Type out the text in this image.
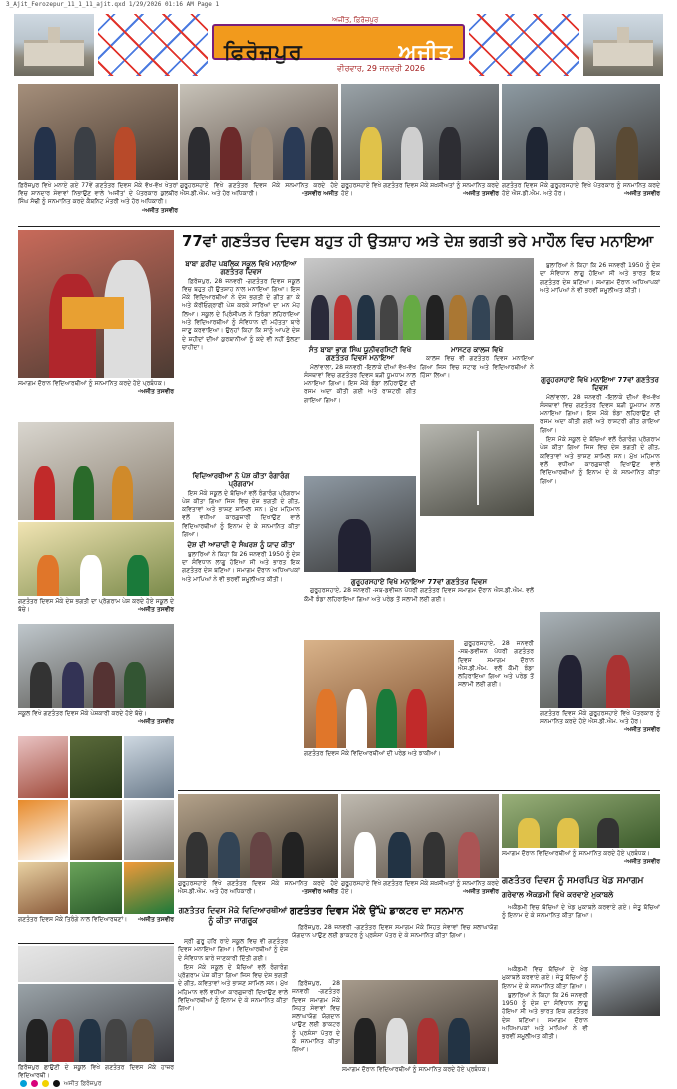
3_Ajit_Ferozepur_11_1_11_ajit.qxd 1/29/2026 01:16 AM Page 1
ਫਿਰੋਜ਼ਪੁਰ	ਅਜੀਤ
ਅਜੀਤ, ਫ਼ਿਰੋਜ਼ਪੁਰ
ਵੀਰਵਾਰ, 29 ਜਨਵਰੀ 2026
ਫ਼ਿਰੋਜ਼ਪੁਰ ਵਿਖੇ ਮਨਾਏ ਗਏ 77ਵੇਂ ਗਣਤੰਤਰ ਦਿਵਸ ਮੌਕੇ ਵੱਖ-ਵੱਖ ਖੇਤਰਾਂ ਵਿਚ ਸ਼ਾਨਦਾਰ ਸੇਵਾਵਾਂ ਨਿਭਾਉਣ ਵਾਲੇ 'ਅਜੀਤ' ਦੇ ਪੱਤਰਕਾਰ ਕੁਲਬੀਰ ਸਿੰਘ ਸੋਢੀ ਨੂੰ ਸਨਮਾਨਿਤ ਕਰਦੇ ਕੈਬਨਿਟ ਮੰਤਰੀ ਅਤੇ ਹੋਰ ਅਧਿਕਾਰੀ।
-ਅਜੀਤ ਤਸਵੀਰ
ਗੁਰੂਹਰਸਹਾਏ ਵਿਖੇ ਗਣਤੰਤਰ ਦਿਵਸ ਮੌਕੇ ਸਨਮਾਨਿਤ ਕਰਦੇ ਹੋਏ ਐਸ.ਡੀ.ਐਮ. ਅਤੇ ਹੋਰ ਅਧਿਕਾਰੀ।	-ਤਸਵੀਰ ਅਜੀਤ
ਗੁਰੂਹਰਸਹਾਏ ਵਿਖੇ ਗਣਤੰਤਰ ਦਿਵਸ ਮੌਕੇ ਸ਼ਖ਼ਸੀਅਤਾਂ ਨੂੰ ਸਨਮਾਨਿਤ ਕਰਦੇ ਹੋਏ।	-ਅਜੀਤ ਤਸਵੀਰ
ਗਣਤੰਤਰ ਦਿਵਸ ਮੌਕੇ ਗੁਰੂਹਰਸਹਾਏ ਵਿਖੇ ਪੱਤਰਕਾਰ ਨੂੰ ਸਨਮਾਨਿਤ ਕਰਦੇ ਹੋਏ ਐਸ.ਡੀ.ਐਮ. ਅਤੇ ਹੋਰ।	-ਅਜੀਤ ਤਸਵੀਰ
ਸਮਾਗਮ ਦੌਰਾਨ ਵਿਦਿਆਰਥੀਆਂ ਨੂੰ ਸਨਮਾਨਿਤ ਕਰਦੇ ਹੋਏ ਪ੍ਰਬੰਧਕ।
-ਅਜੀਤ ਤਸਵੀਰ
ਗਣਤੰਤਰ ਦਿਵਸ ਮੌਕੇ ਦੇਸ਼ ਭਗਤੀ ਦਾ ਪ੍ਰੋਗਰਾਮ ਪੇਸ਼ ਕਰਦੇ ਹੋਏ ਸਕੂਲ ਦੇ ਬੱਚੇ।	-ਅਜੀਤ ਤਸਵੀਰ
ਸਕੂਲ ਵਿਖੇ ਗਣਤੰਤਰ ਦਿਵਸ ਮੌਕੇ ਪੇਸ਼ਕਾਰੀ ਕਰਦੇ ਹੋਏ ਬੱਚੇ।
-ਅਜੀਤ ਤਸਵੀਰ
ਗਣਤੰਤਰ ਦਿਵਸ ਮੌਕੇ ਤਿਰੰਗੇ ਨਾਲ ਵਿਦਿਆਰਥਣਾਂ। -ਅਜੀਤ ਤਸਵੀਰ
ਫ਼ਿਰੋਜ਼ਪੁਰ ਛਾਉਣੀ ਦੇ ਸਕੂਲ ਵਿਖੇ ਗਣਤੰਤਰ ਦਿਵਸ ਮੌਕੇ ਹਾਜ਼ਰ ਵਿਦਿਆਰਥੀ।
77ਵਾਂ ਗਣਤੰਤਰ ਦਿਵਸ ਬਹੁਤ ਹੀ ਉਤਸ਼ਾਹ ਅਤੇ ਦੇਸ਼ ਭਗਤੀ ਭਰੇ ਮਾਹੌਲ ਵਿਚ ਮਨਾਇਆ

ਬਾਬਾ ਫ਼ਰੀਦ ਪਬਲਿਕ ਸਕੂਲ ਵਿਖੇ ਮਨਾਇਆ ਗਣਤੰਤਰ ਦਿਵਸ

ਫ਼ਿਰੋਜ਼ਪੁਰ, 28 ਜਨਵਰੀ -ਗਣਤੰਤਰ ਦਿਵਸ ਸਕੂਲ ਵਿਚ ਬਹੁਤ ਹੀ ਉਤਸ਼ਾਹ ਨਾਲ ਮਨਾਇਆ ਗਿਆ। ਇਸ ਮੌਕੇ ਵਿਦਿਆਰਥੀਆਂ ਨੇ ਦੇਸ਼ ਭਗਤੀ ਦੇ ਗੀਤ ਗਾ ਕੇ ਅਤੇ ਕੋਰੀਓਗ੍ਰਾਫੀ ਪੇਸ਼ ਕਰਕੇ ਸਾਰਿਆਂ ਦਾ ਮਨ ਮੋਹ ਲਿਆ। ਸਕੂਲ ਦੇ ਪ੍ਰਿੰਸੀਪਲ ਨੇ ਤਿਰੰਗਾ ਲਹਿਰਾਇਆ ਅਤੇ ਵਿਦਿਆਰਥੀਆਂ ਨੂੰ ਸੰਵਿਧਾਨ ਦੀ ਮਹੱਤਤਾ ਬਾਰੇ ਜਾਣੂ ਕਰਵਾਇਆ। ਉਨ੍ਹਾਂ ਕਿਹਾ ਕਿ ਸਾਨੂੰ ਆਪਣੇ ਦੇਸ਼ ਦੇ ਸ਼ਹੀਦਾਂ ਦੀਆਂ ਕੁਰਬਾਨੀਆਂ ਨੂੰ ਕਦੇ ਵੀ ਨਹੀਂ ਭੁੱਲਣਾ ਚਾਹੀਦਾ।

ਵਿਦਿਆਰਥੀਆਂ ਨੇ ਪੇਸ਼ ਕੀਤਾ ਰੰਗਾਰੰਗ ਪ੍ਰੋਗਰਾਮ

ਇਸ ਮੌਕੇ ਸਕੂਲ ਦੇ ਬੱਚਿਆਂ ਵਲੋਂ ਰੰਗਾਰੰਗ ਪ੍ਰੋਗਰਾਮ ਪੇਸ਼ ਕੀਤਾ ਗਿਆ ਜਿਸ ਵਿਚ ਦੇਸ਼ ਭਗਤੀ ਦੇ ਗੀਤ, ਕਵਿਤਾਵਾਂ ਅਤੇ ਭਾਸ਼ਣ ਸ਼ਾਮਿਲ ਸਨ। ਮੁੱਖ ਮਹਿਮਾਨ ਵਲੋਂ ਵਧੀਆ ਕਾਰਗੁਜ਼ਾਰੀ ਦਿਖਾਉਣ ਵਾਲੇ ਵਿਦਿਆਰਥੀਆਂ ਨੂੰ ਇਨਾਮ ਦੇ ਕੇ ਸਨਮਾਨਿਤ ਕੀਤਾ ਗਿਆ।

ਦੇਸ਼ ਦੀ ਆਜ਼ਾਦੀ ਦੇ ਸੰਘਰਸ਼ ਨੂੰ ਯਾਦ ਕੀਤਾ

ਬੁਲਾਰਿਆਂ ਨੇ ਕਿਹਾ ਕਿ 26 ਜਨਵਰੀ 1950 ਨੂੰ ਦੇਸ਼ ਦਾ ਸੰਵਿਧਾਨ ਲਾਗੂ ਹੋਇਆ ਸੀ ਅਤੇ ਭਾਰਤ ਇਕ ਗਣਤੰਤਰ ਦੇਸ਼ ਬਣਿਆ। ਸਮਾਗਮ ਦੌਰਾਨ ਅਧਿਆਪਕਾਂ ਅਤੇ ਮਾਪਿਆਂ ਨੇ ਵੀ ਭਰਵੀਂ ਸ਼ਮੂਲੀਅਤ ਕੀਤੀ।

ਸੰਤ ਬਾਬਾ ਭਾਗ ਸਿੰਘ ਯੂਨੀਵਰਸਿਟੀ ਵਿਖੇ ਗਣਤੰਤਰ ਦਿਵਸ ਮਨਾਇਆ

ਮੱਲਾਂਵਾਲਾ, 28 ਜਨਵਰੀ -ਇਲਾਕੇ ਦੀਆਂ ਵੱਖ-ਵੱਖ ਸੰਸਥਾਵਾਂ ਵਿਚ ਗਣਤੰਤਰ ਦਿਵਸ ਬੜੀ ਧੂਮਧਾਮ ਨਾਲ ਮਨਾਇਆ ਗਿਆ। ਇਸ ਮੌਕੇ ਝੰਡਾ ਲਹਿਰਾਉਣ ਦੀ ਰਸਮ ਅਦਾ ਕੀਤੀ ਗਈ ਅਤੇ ਰਾਸ਼ਟਰੀ ਗੀਤ ਗਾਇਆ ਗਿਆ।

ਮਾਸਟਰ ਕਾਲਜ ਵਿਖੇ

ਕਾਲਜ ਵਿਚ ਵੀ ਗਣਤੰਤਰ ਦਿਵਸ ਮਨਾਇਆ ਗਿਆ ਜਿਸ ਵਿਚ ਸਟਾਫ ਅਤੇ ਵਿਦਿਆਰਥੀਆਂ ਨੇ ਹਿੱਸਾ ਲਿਆ।

ਗੁਰੂਹਰਸਹਾਏ ਵਿਖੇ ਮਨਾਇਆ 77ਵਾਂ ਗਣਤੰਤਰ ਦਿਵਸ

ਗੁਰੂਹਰਸਹਾਏ, 28 ਜਨਵਰੀ -ਸਬ-ਡਵੀਜ਼ਨ ਪੱਧਰੀ ਗਣਤੰਤਰ ਦਿਵਸ ਸਮਾਗਮ ਦੌਰਾਨ ਐਸ.ਡੀ.ਐਮ. ਵਲੋਂ ਕੌਮੀ ਝੰਡਾ ਲਹਿਰਾਇਆ ਗਿਆ ਅਤੇ ਪਰੇਡ ਤੋਂ ਸਲਾਮੀ ਲਈ ਗਈ।

ਗਣਤੰਤਰ ਦਿਵਸ ਮੌਕੇ ਵਿਦਿਆਰਥੀਆਂ ਦੀ ਪਰੇਡ ਅਤੇ ਝਾਕੀਆਂ।

ਗੁਰੂਹਰਸਹਾਏ, 28 ਜਨਵਰੀ -ਸਬ-ਡਵੀਜ਼ਨ ਪੱਧਰੀ ਗਣਤੰਤਰ ਦਿਵਸ ਸਮਾਗਮ ਦੌਰਾਨ ਐਸ.ਡੀ.ਐਮ. ਵਲੋਂ ਕੌਮੀ ਝੰਡਾ ਲਹਿਰਾਇਆ ਗਿਆ ਅਤੇ ਪਰੇਡ ਤੋਂ ਸਲਾਮੀ ਲਈ ਗਈ।

ਬੁਲਾਰਿਆਂ ਨੇ ਕਿਹਾ ਕਿ 26 ਜਨਵਰੀ 1950 ਨੂੰ ਦੇਸ਼ ਦਾ ਸੰਵਿਧਾਨ ਲਾਗੂ ਹੋਇਆ ਸੀ ਅਤੇ ਭਾਰਤ ਇਕ ਗਣਤੰਤਰ ਦੇਸ਼ ਬਣਿਆ। ਸਮਾਗਮ ਦੌਰਾਨ ਅਧਿਆਪਕਾਂ ਅਤੇ ਮਾਪਿਆਂ ਨੇ ਵੀ ਭਰਵੀਂ ਸ਼ਮੂਲੀਅਤ ਕੀਤੀ।

ਗੁਰੂਹਰਸਹਾਏ ਵਿਖੇ ਮਨਾਇਆ 77ਵਾਂ ਗਣਤੰਤਰ ਦਿਵਸ

ਮੱਲਾਂਵਾਲਾ, 28 ਜਨਵਰੀ -ਇਲਾਕੇ ਦੀਆਂ ਵੱਖ-ਵੱਖ ਸੰਸਥਾਵਾਂ ਵਿਚ ਗਣਤੰਤਰ ਦਿਵਸ ਬੜੀ ਧੂਮਧਾਮ ਨਾਲ ਮਨਾਇਆ ਗਿਆ। ਇਸ ਮੌਕੇ ਝੰਡਾ ਲਹਿਰਾਉਣ ਦੀ ਰਸਮ ਅਦਾ ਕੀਤੀ ਗਈ ਅਤੇ ਰਾਸ਼ਟਰੀ ਗੀਤ ਗਾਇਆ ਗਿਆ।

ਇਸ ਮੌਕੇ ਸਕੂਲ ਦੇ ਬੱਚਿਆਂ ਵਲੋਂ ਰੰਗਾਰੰਗ ਪ੍ਰੋਗਰਾਮ ਪੇਸ਼ ਕੀਤਾ ਗਿਆ ਜਿਸ ਵਿਚ ਦੇਸ਼ ਭਗਤੀ ਦੇ ਗੀਤ, ਕਵਿਤਾਵਾਂ ਅਤੇ ਭਾਸ਼ਣ ਸ਼ਾਮਿਲ ਸਨ। ਮੁੱਖ ਮਹਿਮਾਨ ਵਲੋਂ ਵਧੀਆ ਕਾਰਗੁਜ਼ਾਰੀ ਦਿਖਾਉਣ ਵਾਲੇ ਵਿਦਿਆਰਥੀਆਂ ਨੂੰ ਇਨਾਮ ਦੇ ਕੇ ਸਨਮਾਨਿਤ ਕੀਤਾ ਗਿਆ।

ਗਣਤੰਤਰ ਦਿਵਸ ਮੌਕੇ ਗੁਰੂਹਰਸਹਾਏ ਵਿਖੇ ਪੱਤਰਕਾਰ ਨੂੰ ਸਨਮਾਨਿਤ ਕਰਦੇ ਹੋਏ ਐਸ.ਡੀ.ਐਮ. ਅਤੇ ਹੋਰ।
-ਅਜੀਤ ਤਸਵੀਰ
ਗੁਰੂਹਰਸਹਾਏ ਵਿਖੇ ਗਣਤੰਤਰ ਦਿਵਸ ਮੌਕੇ ਸਨਮਾਨਿਤ ਕਰਦੇ ਹੋਏ ਐਸ.ਡੀ.ਐਮ. ਅਤੇ ਹੋਰ ਅਧਿਕਾਰੀ।	-ਤਸਵੀਰ ਅਜੀਤ
ਗੁਰੂਹਰਸਹਾਏ ਵਿਖੇ ਗਣਤੰਤਰ ਦਿਵਸ ਮੌਕੇ ਸ਼ਖ਼ਸੀਅਤਾਂ ਨੂੰ ਸਨਮਾਨਿਤ ਕਰਦੇ ਹੋਏ।	-ਅਜੀਤ ਤਸਵੀਰ
ਸਮਾਗਮ ਦੌਰਾਨ ਵਿਦਿਆਰਥੀਆਂ ਨੂੰ ਸਨਮਾਨਿਤ ਕਰਦੇ ਹੋਏ ਪ੍ਰਬੰਧਕ।
-ਅਜੀਤ ਤਸਵੀਰ
ਗਣਤੰਤਰ ਦਿਵਸ ਨੂੰ ਸਮਰਪਿਤ ਖੇਡ ਸਮਾਗਮ
ਗਰੇਵਾਲ ਐਕਡਮੀ ਵਿਖੇ ਕਰਵਾਏ ਮੁਕਾਬਲੇ
ਗਣਤੰਤਰ ਦਿਵਸ ਮੌਕੇ ਉੱਘੇ ਡਾਕਟਰ ਦਾ ਸਨਮਾਨ
ਗਣਤੰਤਰ ਦਿਵਸ ਮੌਕੇ ਵਿਦਿਆਰਥੀਆਂ ਨੂੰ ਕੀਤਾ ਜਾਗਰੂਕ

ਸ੍ਰੀ ਗੁਰੂ ਹਰਿ ਰਾਏ ਸਕੂਲ ਵਿਚ ਵੀ ਗਣਤੰਤਰ ਦਿਵਸ ਮਨਾਇਆ ਗਿਆ। ਵਿਦਿਆਰਥੀਆਂ ਨੂੰ ਦੇਸ਼ ਦੇ ਸੰਵਿਧਾਨ ਬਾਰੇ ਜਾਣਕਾਰੀ ਦਿੱਤੀ ਗਈ।

ਇਸ ਮੌਕੇ ਸਕੂਲ ਦੇ ਬੱਚਿਆਂ ਵਲੋਂ ਰੰਗਾਰੰਗ ਪ੍ਰੋਗਰਾਮ ਪੇਸ਼ ਕੀਤਾ ਗਿਆ ਜਿਸ ਵਿਚ ਦੇਸ਼ ਭਗਤੀ ਦੇ ਗੀਤ, ਕਵਿਤਾਵਾਂ ਅਤੇ ਭਾਸ਼ਣ ਸ਼ਾਮਿਲ ਸਨ। ਮੁੱਖ ਮਹਿਮਾਨ ਵਲੋਂ ਵਧੀਆ ਕਾਰਗੁਜ਼ਾਰੀ ਦਿਖਾਉਣ ਵਾਲੇ ਵਿਦਿਆਰਥੀਆਂ ਨੂੰ ਇਨਾਮ ਦੇ ਕੇ ਸਨਮਾਨਿਤ ਕੀਤਾ ਗਿਆ।

ਫ਼ਿਰੋਜ਼ਪੁਰ, 28 ਜਨਵਰੀ -ਗਣਤੰਤਰ ਦਿਵਸ ਸਮਾਗਮ ਮੌਕੇ ਸਿਹਤ ਸੇਵਾਵਾਂ ਵਿਚ ਸ਼ਲਾਘਾਯੋਗ ਯੋਗਦਾਨ ਪਾਉਣ ਲਈ ਡਾਕਟਰ ਨੂੰ ਪ੍ਰਸ਼ੰਸਾ ਪੱਤਰ ਦੇ ਕੇ ਸਨਮਾਨਿਤ ਕੀਤਾ ਗਿਆ।

ਫ਼ਿਰੋਜ਼ਪੁਰ, 28 ਜਨਵਰੀ -ਗਣਤੰਤਰ ਦਿਵਸ ਸਮਾਗਮ ਮੌਕੇ ਸਿਹਤ ਸੇਵਾਵਾਂ ਵਿਚ ਸ਼ਲਾਘਾਯੋਗ ਯੋਗਦਾਨ ਪਾਉਣ ਲਈ ਡਾਕਟਰ ਨੂੰ ਪ੍ਰਸ਼ੰਸਾ ਪੱਤਰ ਦੇ ਕੇ ਸਨਮਾਨਿਤ ਕੀਤਾ ਗਿਆ।

ਸਮਾਗਮ ਦੌਰਾਨ ਵਿਦਿਆਰਥੀਆਂ ਨੂੰ ਸਨਮਾਨਿਤ ਕਰਦੇ ਹੋਏ ਪ੍ਰਬੰਧਕ।

ਅਕੈਡਮੀ ਵਿਚ ਬੱਚਿਆਂ ਦੇ ਖੇਡ ਮੁਕਾਬਲੇ ਕਰਵਾਏ ਗਏ। ਜੇਤੂ ਬੱਚਿਆਂ ਨੂੰ ਇਨਾਮ ਦੇ ਕੇ ਸਨਮਾਨਿਤ ਕੀਤਾ ਗਿਆ।

ਅਕੈਡਮੀ ਵਿਚ ਬੱਚਿਆਂ ਦੇ ਖੇਡ ਮੁਕਾਬਲੇ ਕਰਵਾਏ ਗਏ। ਜੇਤੂ ਬੱਚਿਆਂ ਨੂੰ ਇਨਾਮ ਦੇ ਕੇ ਸਨਮਾਨਿਤ ਕੀਤਾ ਗਿਆ।

ਬੁਲਾਰਿਆਂ ਨੇ ਕਿਹਾ ਕਿ 26 ਜਨਵਰੀ 1950 ਨੂੰ ਦੇਸ਼ ਦਾ ਸੰਵਿਧਾਨ ਲਾਗੂ ਹੋਇਆ ਸੀ ਅਤੇ ਭਾਰਤ ਇਕ ਗਣਤੰਤਰ ਦੇਸ਼ ਬਣਿਆ। ਸਮਾਗਮ ਦੌਰਾਨ ਅਧਿਆਪਕਾਂ ਅਤੇ ਮਾਪਿਆਂ ਨੇ ਵੀ ਭਰਵੀਂ ਸ਼ਮੂਲੀਅਤ ਕੀਤੀ।

ਅਜੀਤ ਫ਼ਿਰੋਜ਼ਪੁਰ
